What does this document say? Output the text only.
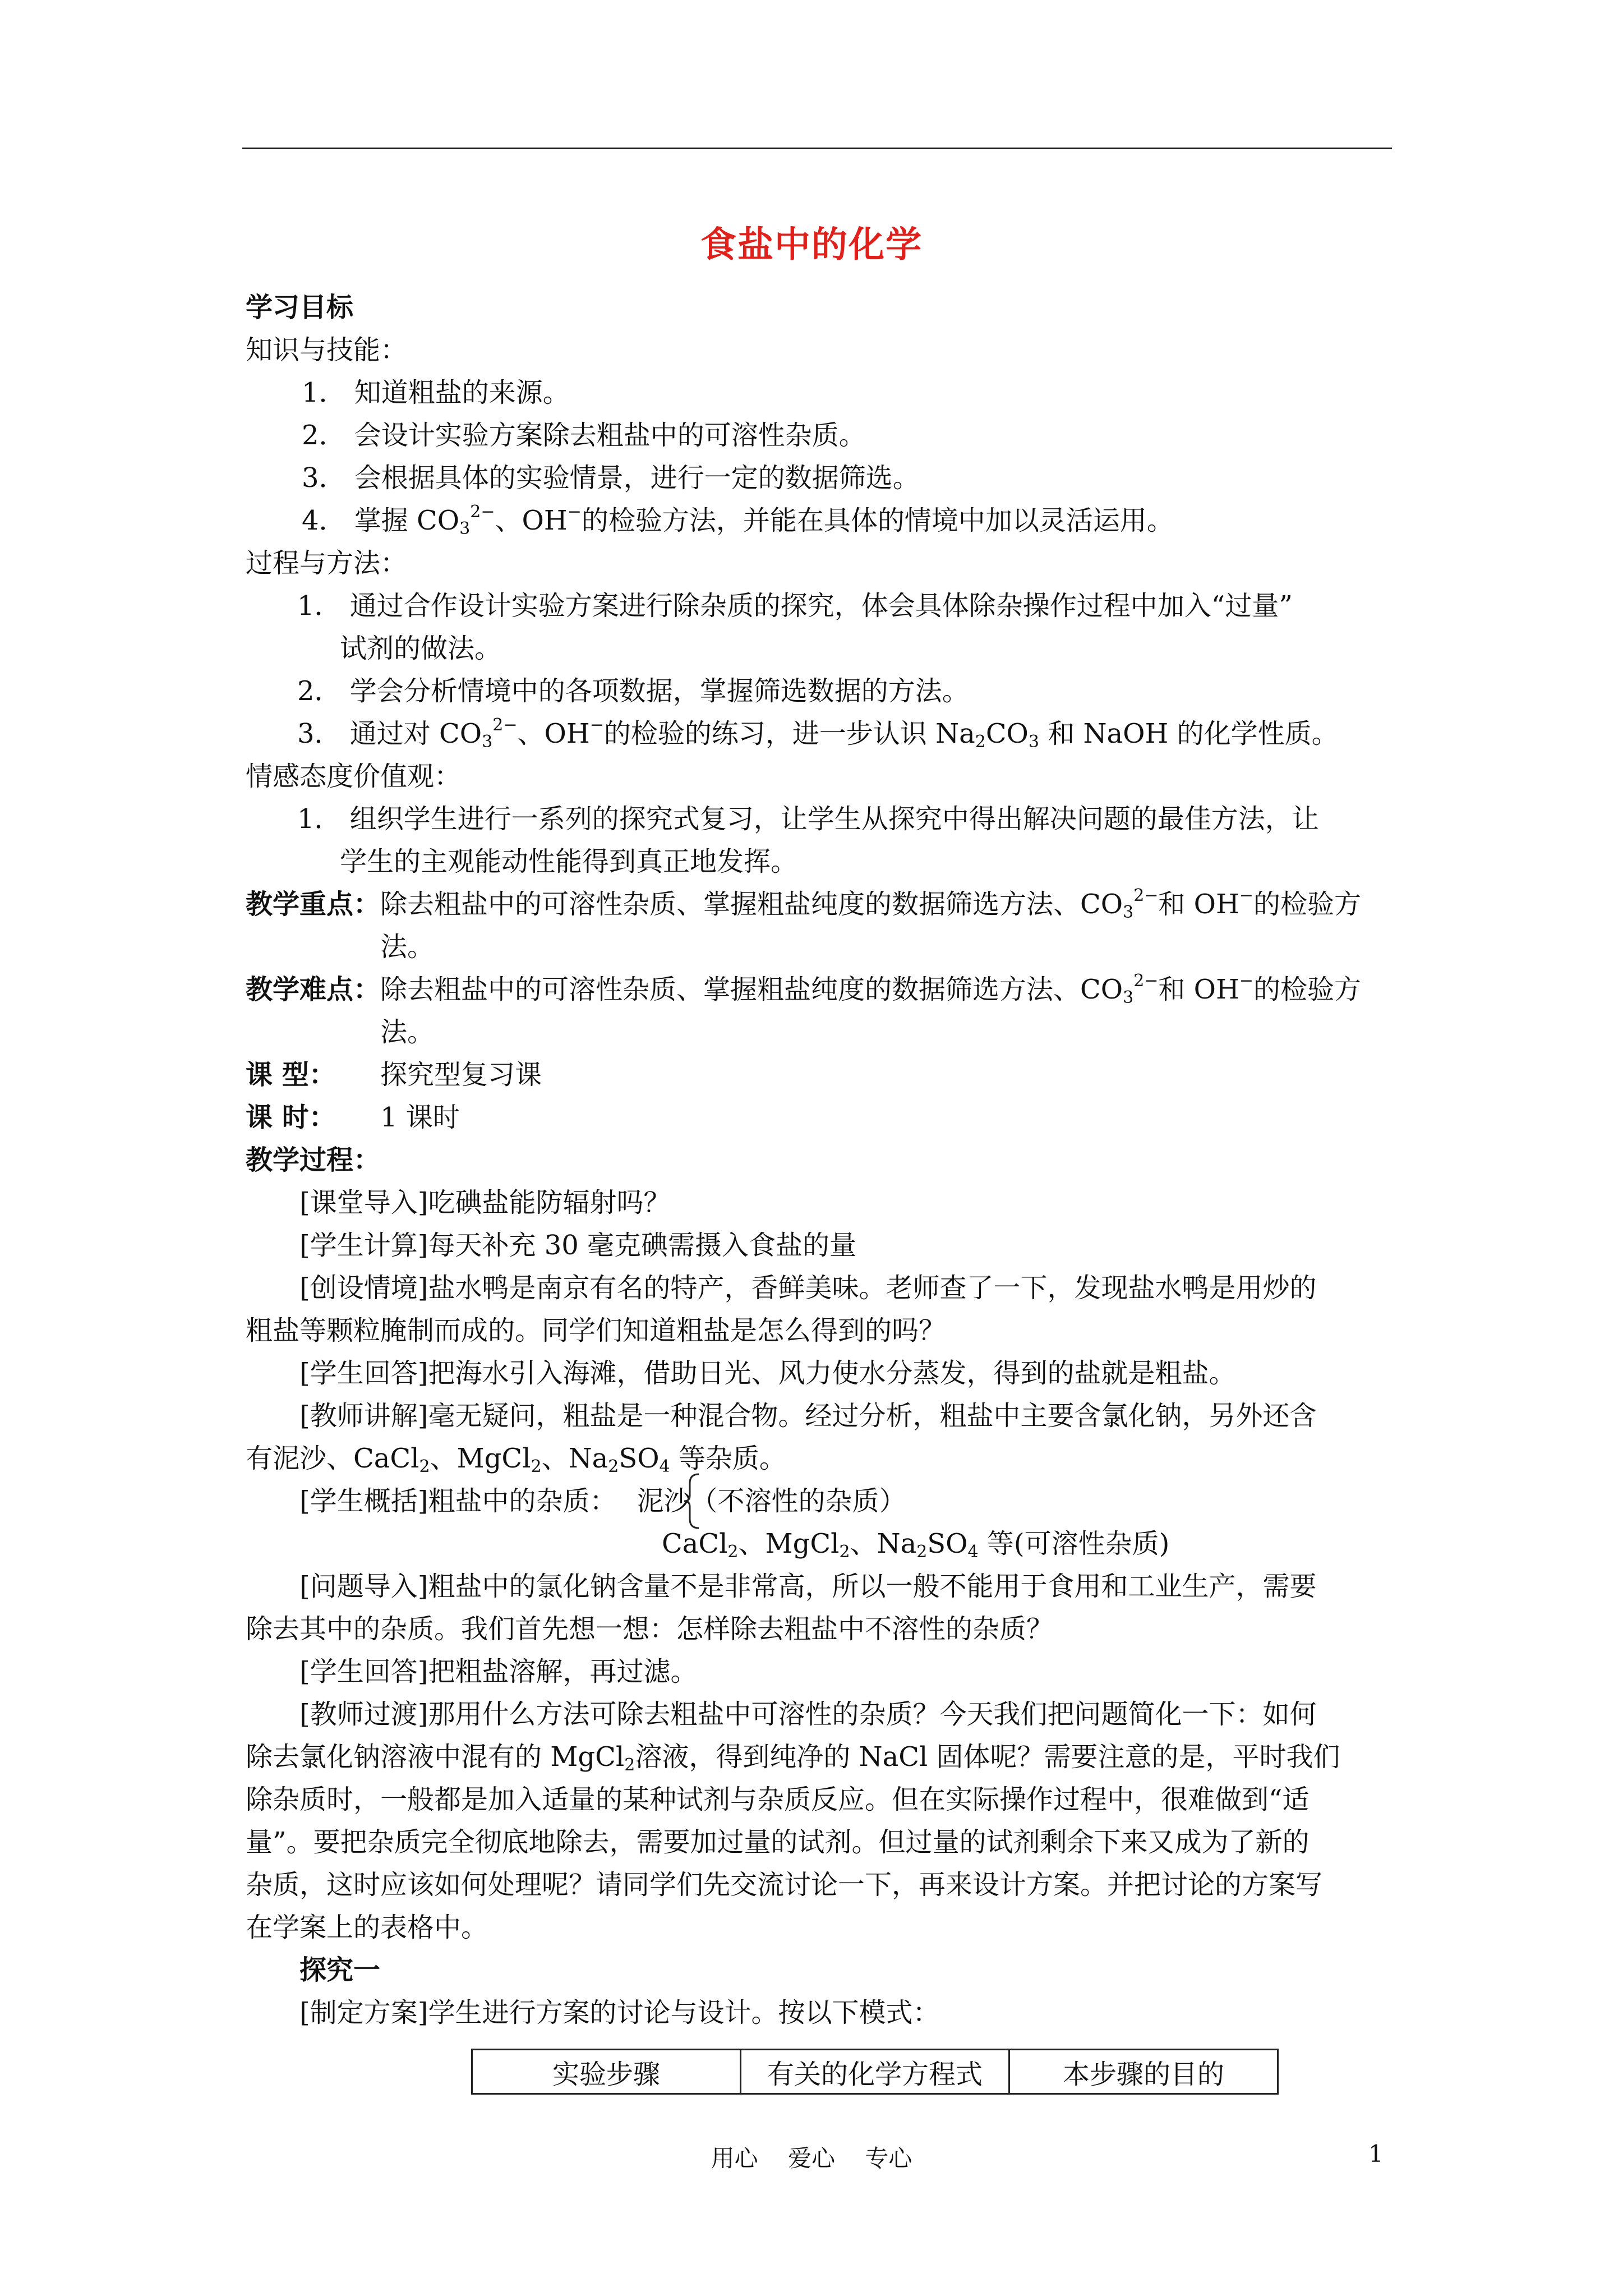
食盐中的化学
学习目标
知识与技能：
1． 知道粗盐的来源。
2． 会设计实验方案除去粗盐中的可溶性杂质。
3． 会根据具体的实验情景，进行一定的数据筛选。
4． 掌握 $CO_3^{2-}$、OH−的检验方法，并能在具体的情境中加以灵活运用。
过程与方法：
1． 通过合作设计实验方案进行除杂质的探究，体会具体除杂操作过程中加入“过量”
试剂的做法。
2． 学会分析情境中的各项数据，掌握筛选数据的方法。
3． 通过对 $CO_3^{2-}$、OH−的检验的练习，进一步认识 $Na_2CO_3$ 和 NaOH 的化学性质。
情感态度价值观：
1． 组织学生进行一系列的探究式复习，让学生从探究中得出解决问题的最佳方法，让
学生的主观能动性能得到真正地发挥。
教学重点：除去粗盐中的可溶性杂质、掌握粗盐纯度的数据筛选方法、$CO_3^{2-}$和 OH−的检验方
法。
教学难点：除去粗盐中的可溶性杂质、掌握粗盐纯度的数据筛选方法、$CO_3^{2-}$和 OH−的检验方
法。
课 型： 探究型复习课
课 时： 1 课时
教学过程：
[课堂导入]吃碘盐能防辐射吗？
[学生计算]每天补充 30 毫克碘需摄入食盐的量
[创设情境]盐水鸭是南京有名的特产，香鲜美味。老师查了一下，发现盐水鸭是用炒的
粗盐等颗粒腌制而成的。同学们知道粗盐是怎么得到的吗？
[学生回答]把海水引入海滩，借助日光、风力使水分蒸发，得到的盐就是粗盐。
[教师讲解]毫无疑问，粗盐是一种混合物。经过分析，粗盐中主要含氯化钠，另外还含
有泥沙、CaCl$_2$、MgCl$_2$、$Na_2SO_4$ 等杂质。
[学生概括]粗盐中的杂质： 泥沙（不溶性的杂质）
CaCl$_2$、MgCl$_2$、$Na_2SO_4$ 等(可溶性杂质)
[问题导入]粗盐中的氯化钠含量不是非常高，所以一般不能用于食用和工业生产，需要
除去其中的杂质。我们首先想一想：怎样除去粗盐中不溶性的杂质？
[学生回答]把粗盐溶解，再过滤。
[教师过渡]那用什么方法可除去粗盐中可溶性的杂质？今天我们把问题简化一下：如何
除去氯化钠溶液中混有的 MgCl$_2$溶液，得到纯净的 NaCl 固体呢？需要注意的是，平时我们
除杂质时，一般都是加入适量的某种试剂与杂质反应。但在实际操作过程中，很难做到“适
量”。要把杂质完全彻底地除去，需要加过量的试剂。但过量的试剂剩余下来又成为了新的
杂质，这时应该如何处理呢？请同学们先交流讨论一下，再来设计方案。并把讨论的方案写
在学案上的表格中。
探究一
[制定方案]学生进行方案的讨论与设计。按以下模式：
实验步骤	有关的化学方程式	本步骤的目的
用心 爱心 专心	1
